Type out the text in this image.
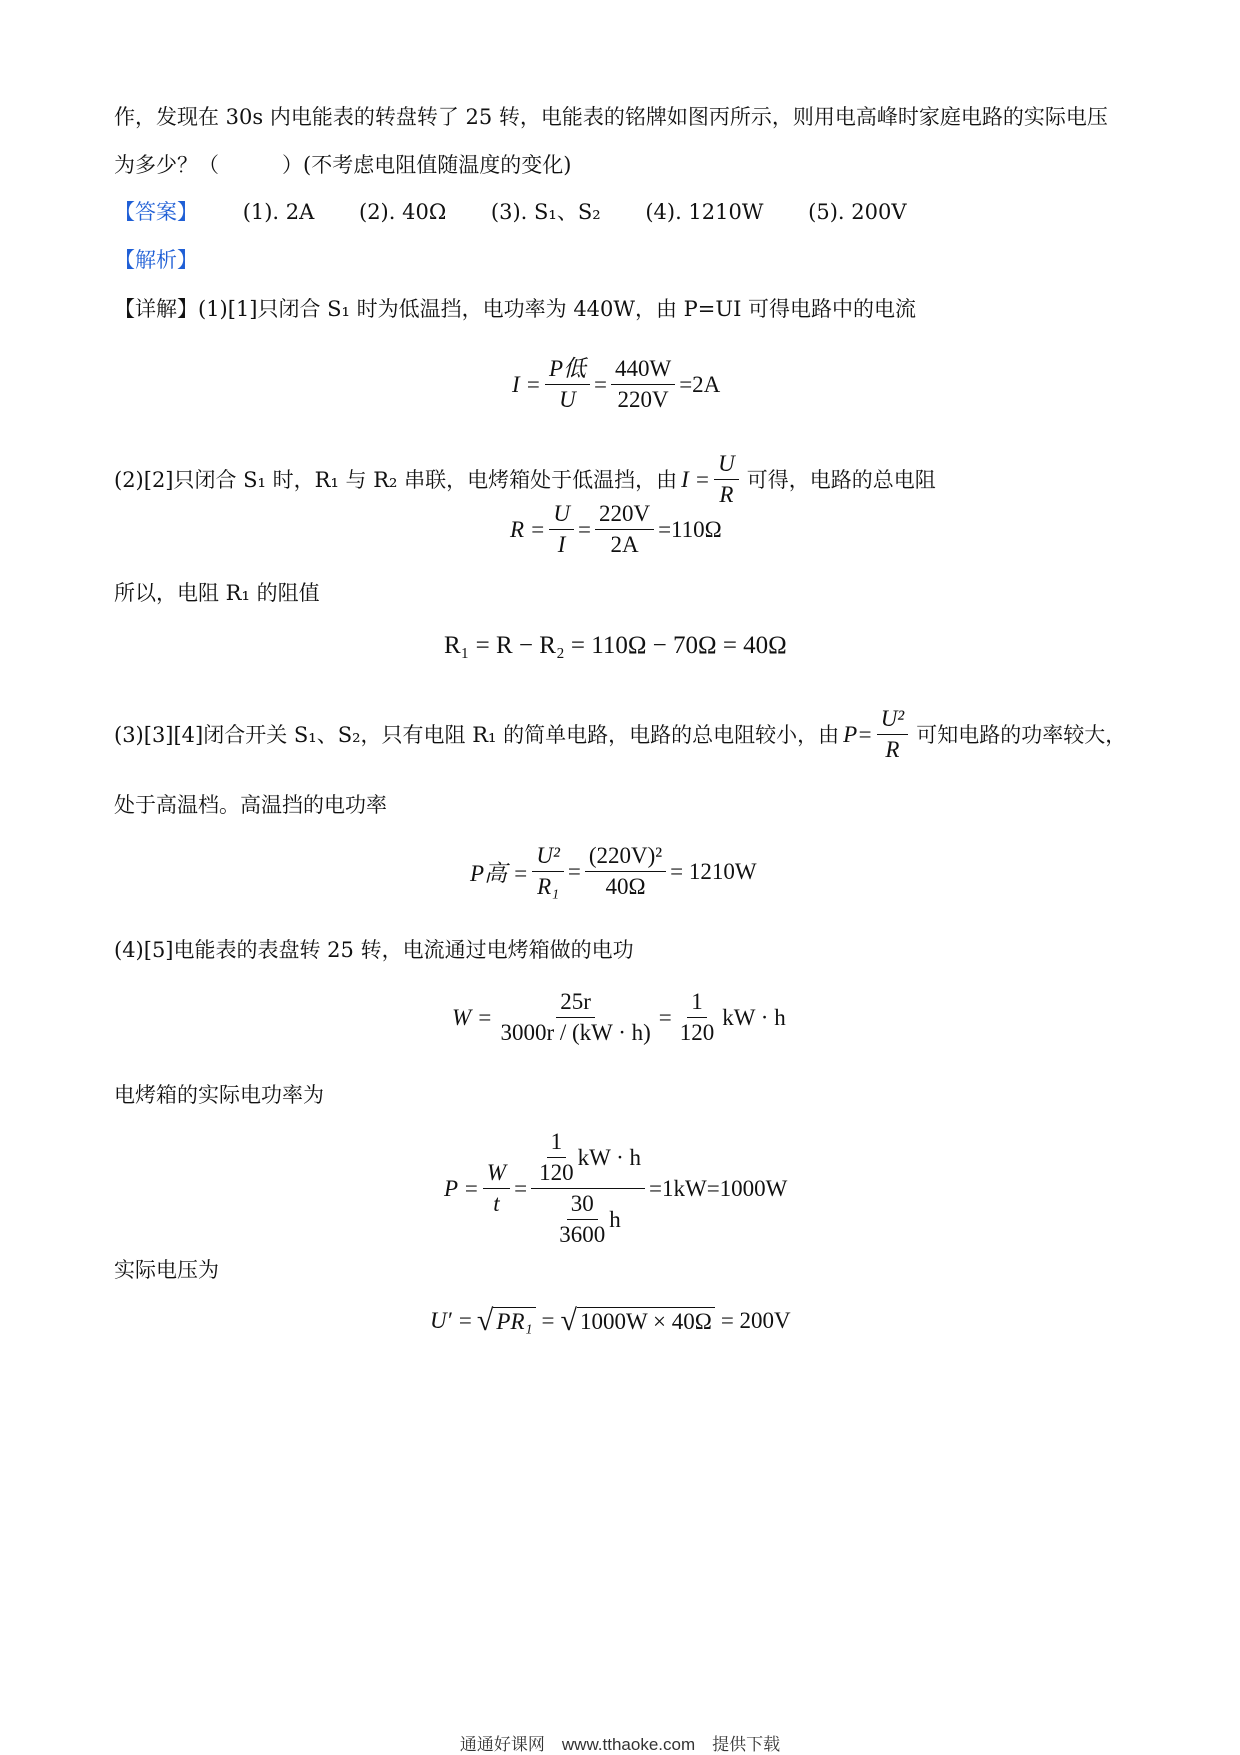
作，发现在 30s 内电能表的转盘转了 25 转，电能表的铭牌如图丙所示，则用电高峰时家庭电路的实际电压
为多少？（　　　）(不考虑电阻值随温度的变化)
【答案】 (1). 2A (2). 40Ω (3). S₁、S₂ (4). 1210W (5). 200V
【解析】
【详解】(1)[1]只闭合 S₁ 时为低温挡，电功率为 440W，由 P=UI 可得电路中的电流
$I = \frac{\text{P低}}{U} = \frac{440W}{220V} =2A$
(2)[2]只闭合 S₁ 时，R₁ 与 R₂ 串联，电烤箱处于低温挡，由 $I = \frac{U}{R}$ 可得，电路的总电阻
$R = \frac{U}{I} = \frac{220V}{2A} =110\Omega$
所以，电阻 R₁ 的阻值
R₁ = R − R₂ = 110Ω − 70Ω = 40Ω
(3)[3][4]闭合开关 S₁、S₂，只有电阻 R₁ 的简单电路，电路的总电阻较小，由 $P= \frac{\text{U²}}{R}$ 可知电路的功率较大，
处于高温档。高温挡的电功率
P高 = $\frac{\text{U²}}{\text{R₁}} = \frac{\text{(220V)²}}{40\Omega} = 1210W$
(4)[5]电能表的表盘转 25 转，电流通过电烤箱做的电功
$W = \frac{25r}{3000r / (kW \cdot h)} = \frac{1}{120}$ kW · h
电烤箱的实际电功率为
$P = \frac{W}{t} = \frac{\frac{1}{120} kW \cdot h}{\frac{30}{3600} h} =1kW=1000W$
实际电压为
U′ = √ PR₁ = √ 1000W × 40Ω = 200V
通通好课网　www.tthaoke.com　提供下载
